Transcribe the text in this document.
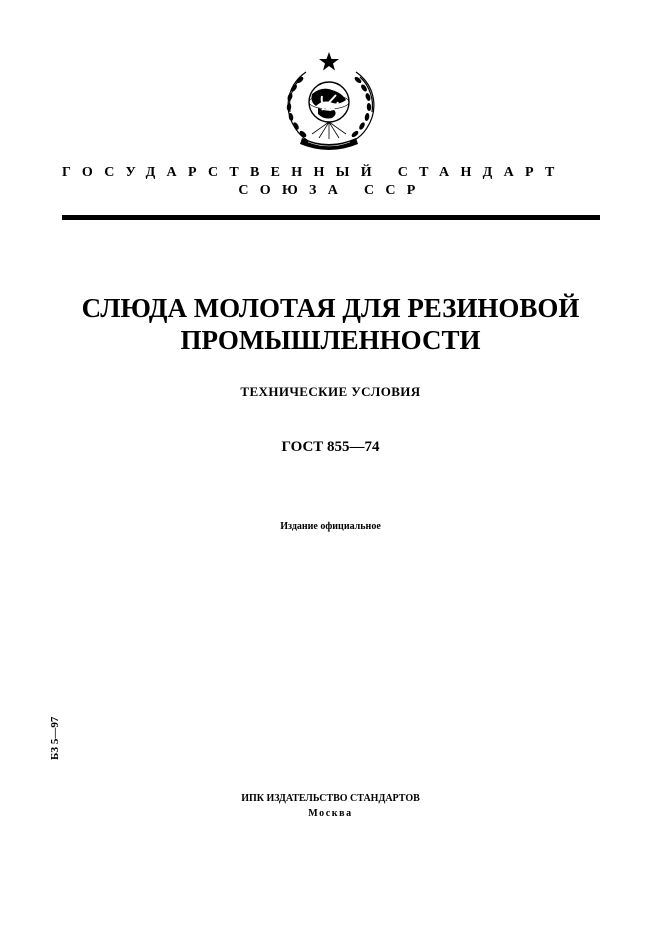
ГОСУДАРСТВЕННЫЙ СТАНДАРТ
СОЮЗА ССР
СЛЮДА МОЛОТАЯ ДЛЯ РЕЗИНОВОЙ
ПРОМЫШЛЕННОСТИ
ТЕХНИЧЕСКИЕ УСЛОВИЯ
ГОСТ 855—74
Издание официальное
БЗ 5—97
ИПК ИЗДАТЕЛЬСТВО СТАНДАРТОВ
Москва
